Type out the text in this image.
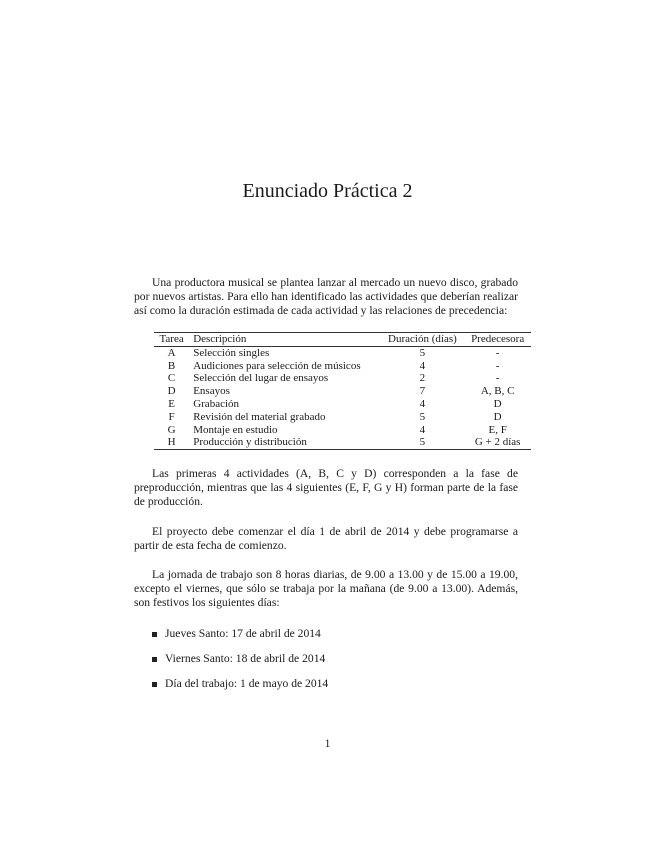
Enunciado Práctica 2

Una productora musical se plantea lanzar al mercado un nuevo disco, grabado por nuevos artistas. Para ello han identificado las actividades que deberían realizar así como la duración estimada de cada actividad y las relaciones de precedencia:

Tarea	Descripción	Duración (días)	Predecesora
A	Selección singles	5	-
B	Audiciones para selección de músicos	4	-
C	Selección del lugar de ensayos	2	-
D	Ensayos	7	A, B, C
E	Grabación	4	D
F	Revisión del material grabado	5	D
G	Montaje en estudio	4	E, F
H	Producción y distribución	5	G + 2 días

Las primeras 4 actividades (A, B, C y D) corresponden a la fase de preproducción, mientras que las 4 siguientes (E, F, G y H) forman parte de la fase de producción.

El proyecto debe comenzar el día 1 de abril de 2014 y debe programarse a partir de esta fecha de comienzo.

La jornada de trabajo son 8 horas diarias, de 9.00 a 13.00 y de 15.00 a 19.00, excepto el viernes, que sólo se trabaja por la mañana (de 9.00 a 13.00). Además, son festivos los siguientes días:

Jueves Santo: 17 de abril de 2014
Viernes Santo: 18 de abril de 2014
Día del trabajo: 1 de mayo de 2014
1
